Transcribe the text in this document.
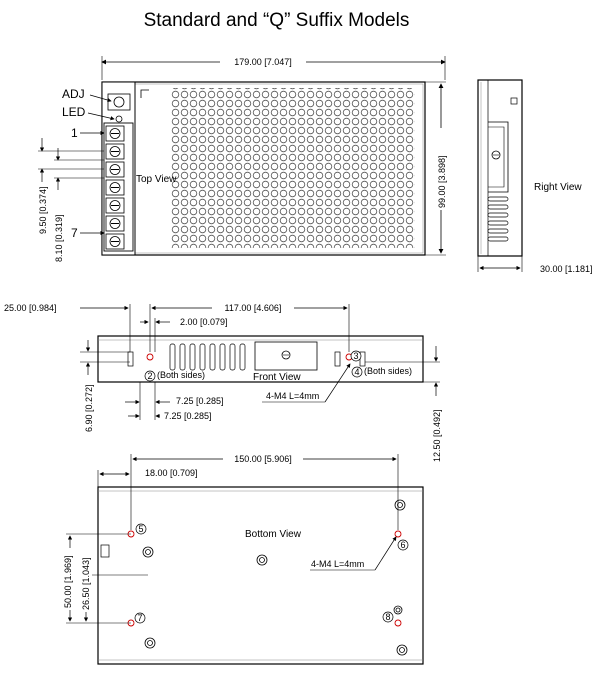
Standard and “Q” Suffix Models
179.00 [7.047]
ADJ
LED
1
7
Top View
9.50 [0.374]
8.10 [0.319]
99.00 [3.898]	Right View
30.00 [1.181]
2 (Both sides)
3
4 (Both sides)
Front View
25.00 [0.984]	117.00 [4.606]
2.00 [0.079]
7.25 [0.285]
7.25 [0.285]
6.90 [0.272]
12.50 [0.492]
4-M4 L=4mm
5
6
7	8
Bottom View
150.00 [5.906]
18.00 [0.709]
50.00 [1.969] 26.50 [1.043]	4-M4 L=4mm
